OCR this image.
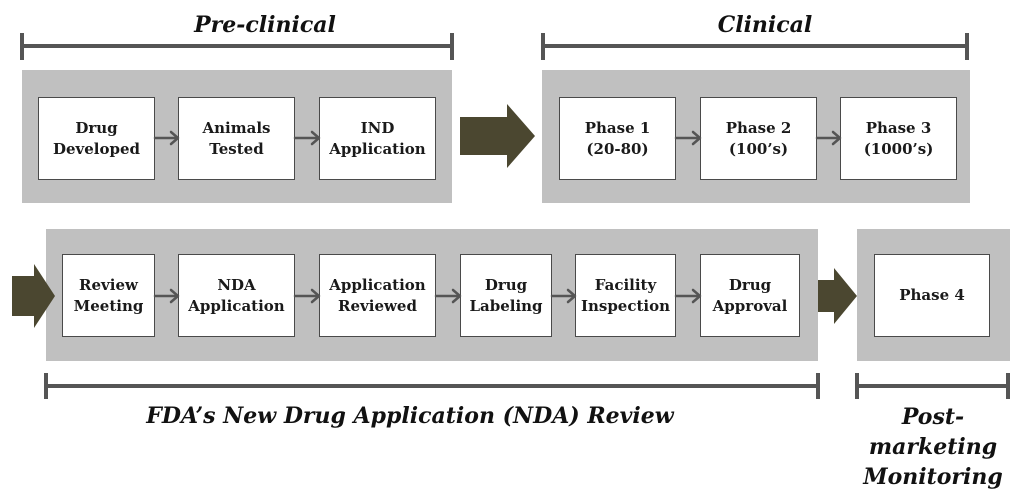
Pre-clinical	Clinical
FDA’s New Drug Application (NDA) Review	Post-marketing
Monitoring
Drug
Developed
Animals
Tested
IND
Application
Phase 1
(20-80)
Phase 2
(100’s)
Phase 3
(1000’s)
Review
Meeting
NDA
Application
Application
Reviewed
Drug
Labeling
Facility
Inspection
Drug
Approval
Phase 4
